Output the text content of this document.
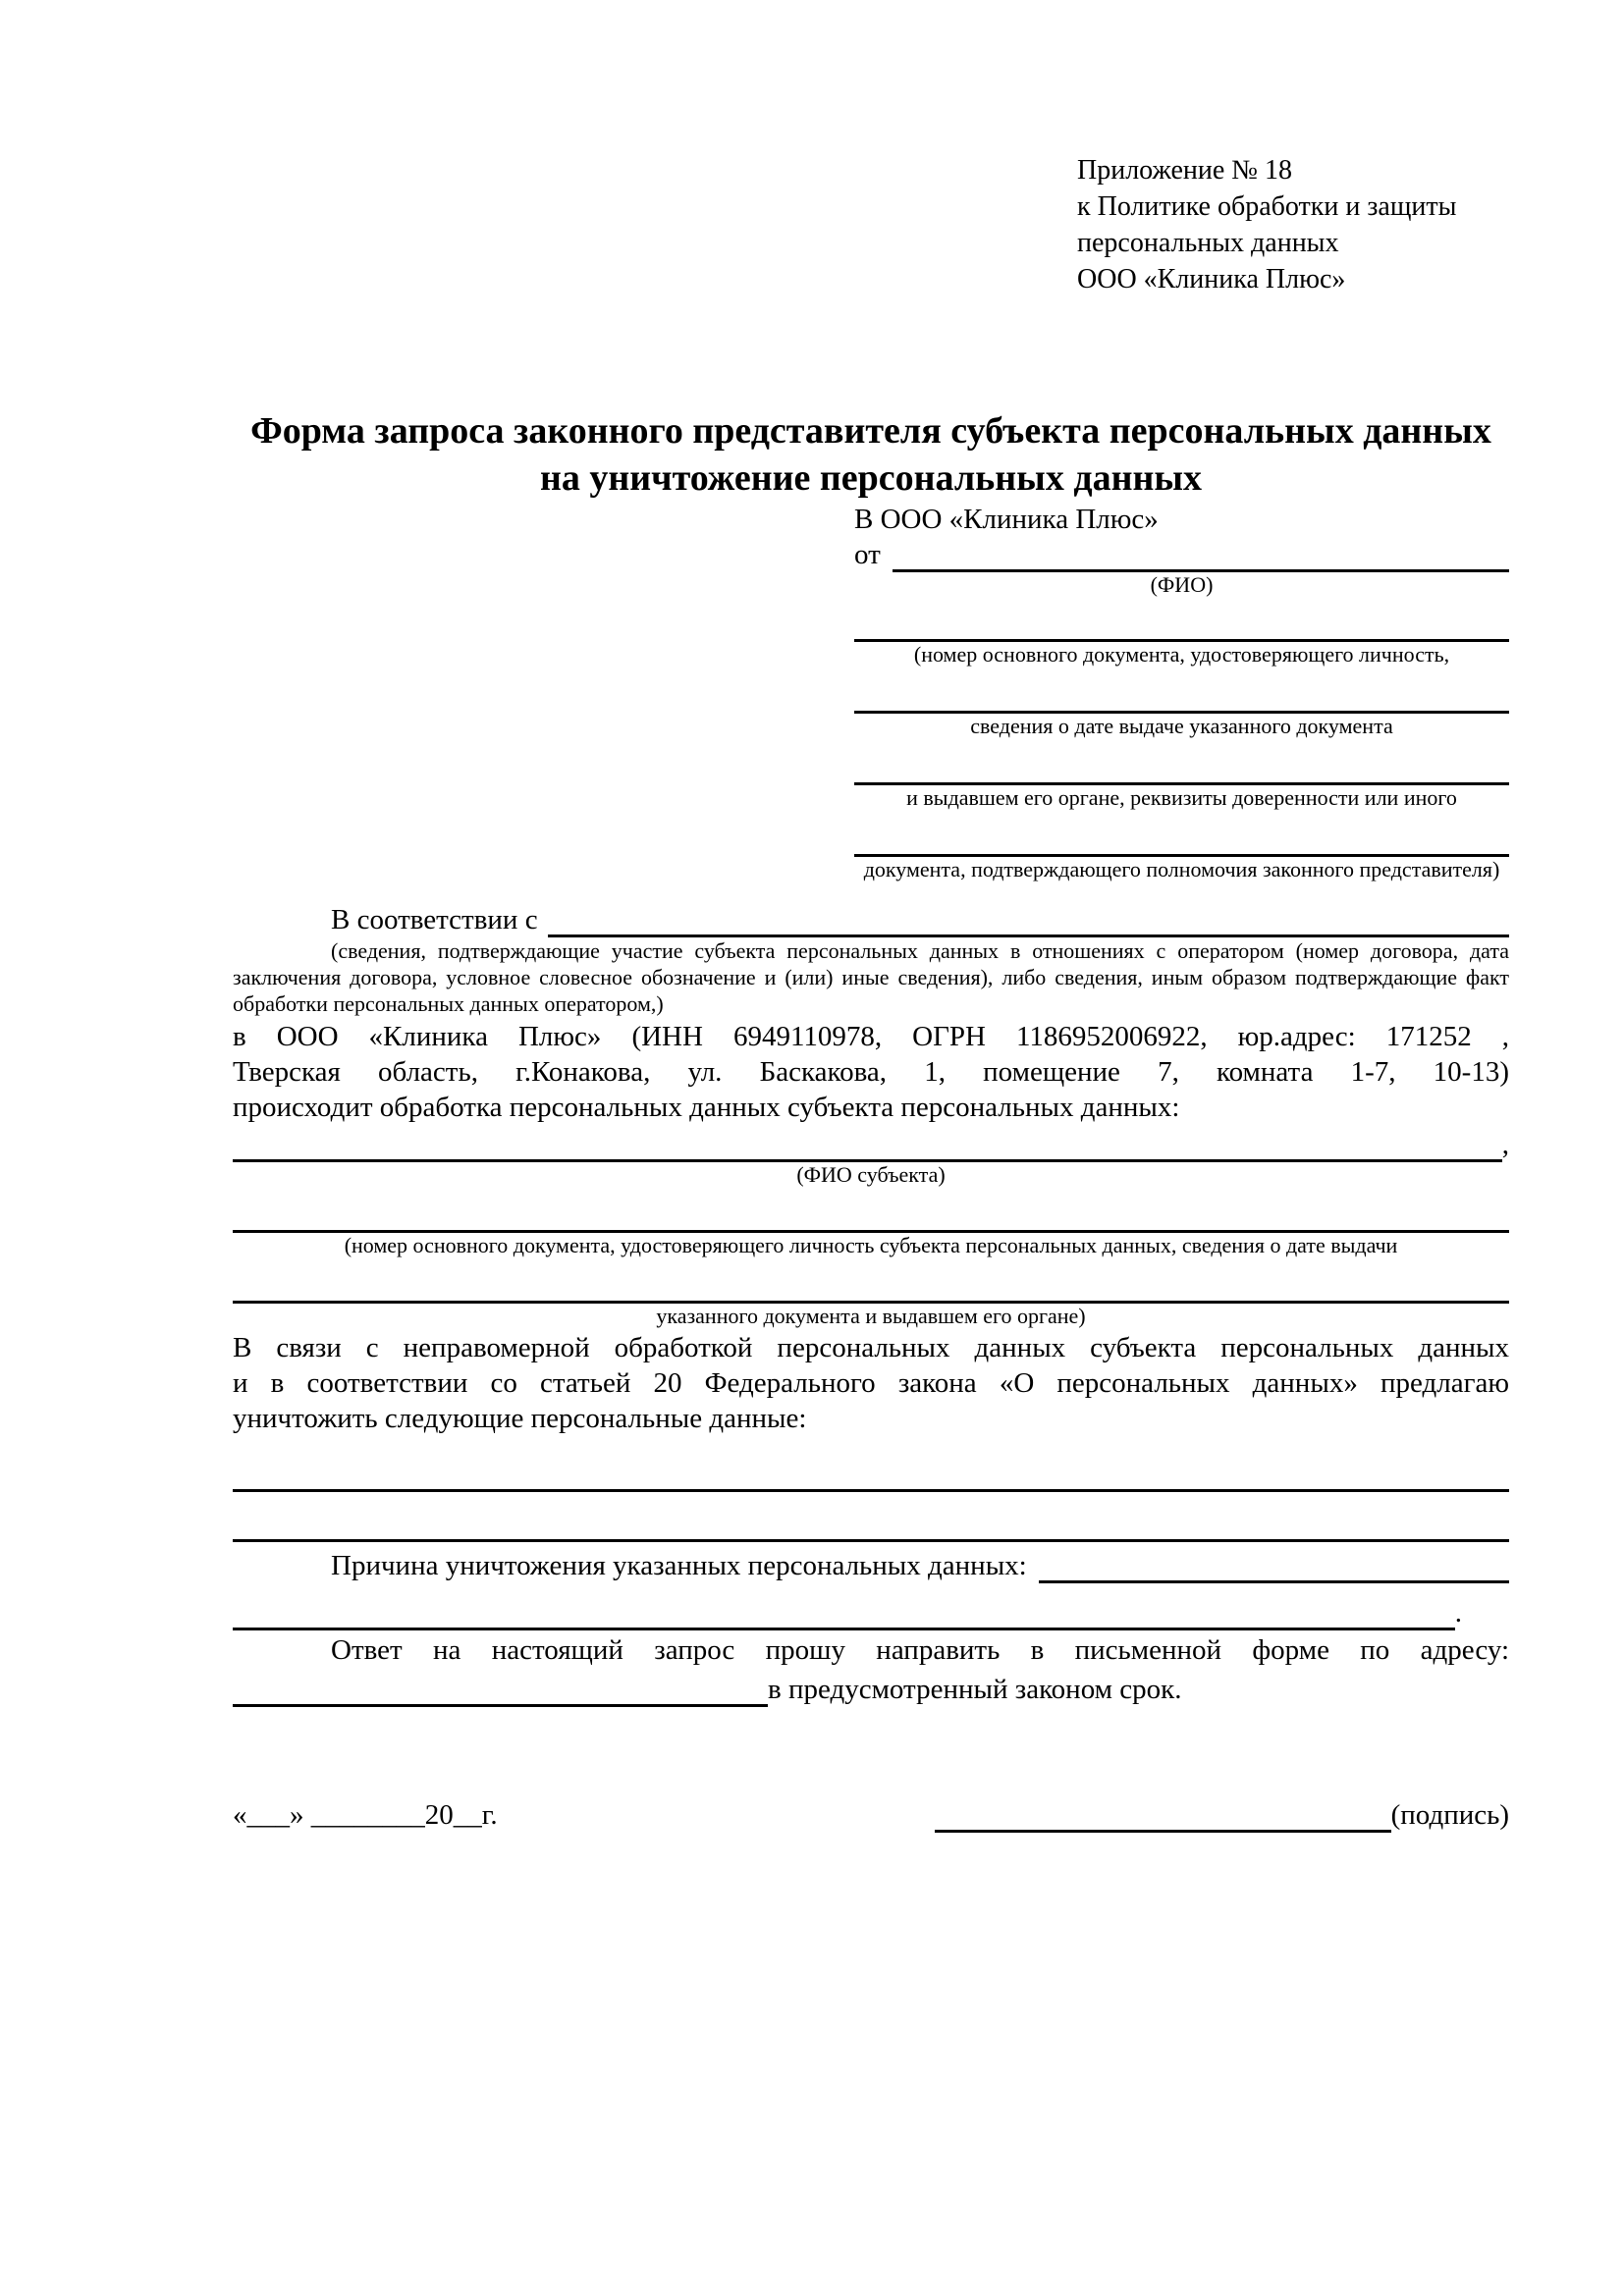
Приложение № 18
к Политике обработки и защиты
персональных данных
ООО «Клиника Плюс»
Форма запроса законного представителя субъекта персональных данных
на уничтожение персональных данных
В ООО «Клиника Плюс»
от
(ФИО)
(номер основного документа, удостоверяющего личность,
сведения о дате выдаче указанного документа
и выдавшем его органе, реквизиты доверенности или иного
документа, подтверждающего полномочия законного представителя)
В соответствии с
(сведения, подтверждающие участие субъекта персональных данных в отношениях с оператором (номер договора, дата
заключения договора, условное словесное обозначение и (или) иные сведения), либо сведения, иным образом подтверждающие факт
обработки персональных данных оператором,)
в ООО «Клиника Плюс» (ИНН 6949110978, ОГРН 1186952006922, юр.адрес: 171252 ,
Тверская область, г.Конакова, ул. Баскакова, 1, помещение 7, комната 1-7, 10-13)
происходит обработка персональных данных субъекта персональных данных:
,
(ФИО субъекта)
(номер основного документа, удостоверяющего личность субъекта персональных данных, сведения о дате выдачи
указанного документа и выдавшем его органе)
В связи с неправомерной обработкой персональных данных субъекта персональных данных
и в соответствии со статьей 20 Федерального закона «О персональных данных» предлагаю
уничтожить следующие персональные данные:
Причина уничтожения указанных персональных данных:
.
Ответ на настоящий запрос прошу направить в письменной форме по адресу:
в предусмотренный законом срок.
«___» ________20__г.	(подпись)
